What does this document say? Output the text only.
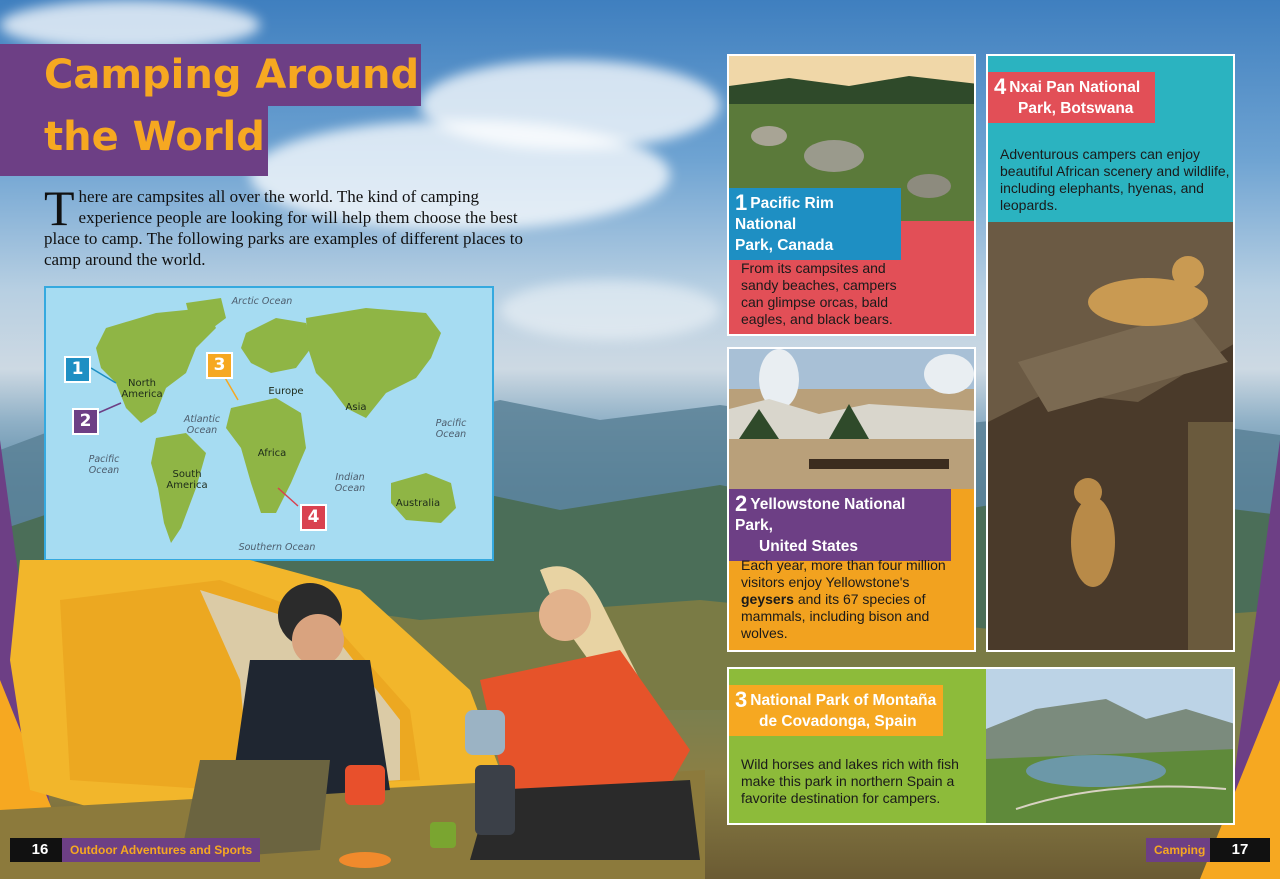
Camping Around
the World
There are campsites all over the world. The kind of camping experience people are looking for will help them choose the best place to camp. The following parks are examples of different places to camp around the world.
Arctic Ocean
Atlantic Ocean
Pacific Ocean
Pacific Ocean
Indian Ocean
Southern Ocean
North America
South America
Europe
Asia
Africa
Australia
1
2
3
4
1 Pacific Rim National
Park, Canada
From its campsites and sandy beaches, campers can glimpse orcas, bald eagles, and black bears.
2 Yellowstone National Park,
United States
Each year, more than four million visitors enjoy Yellowstone's geysers and its 67 species of mammals, including bison and wolves.
4 Nxai Pan National
Park, Botswana
Adventurous campers can enjoy beautiful African scenery and wildlife, including elephants, hyenas, and leopards.
3 National Park of Montaña
de Covadonga, Spain
Wild horses and lakes rich with fish make this park in northern Spain a favorite destination for campers.
16	Outdoor Adventures and Sports	Camping	17
